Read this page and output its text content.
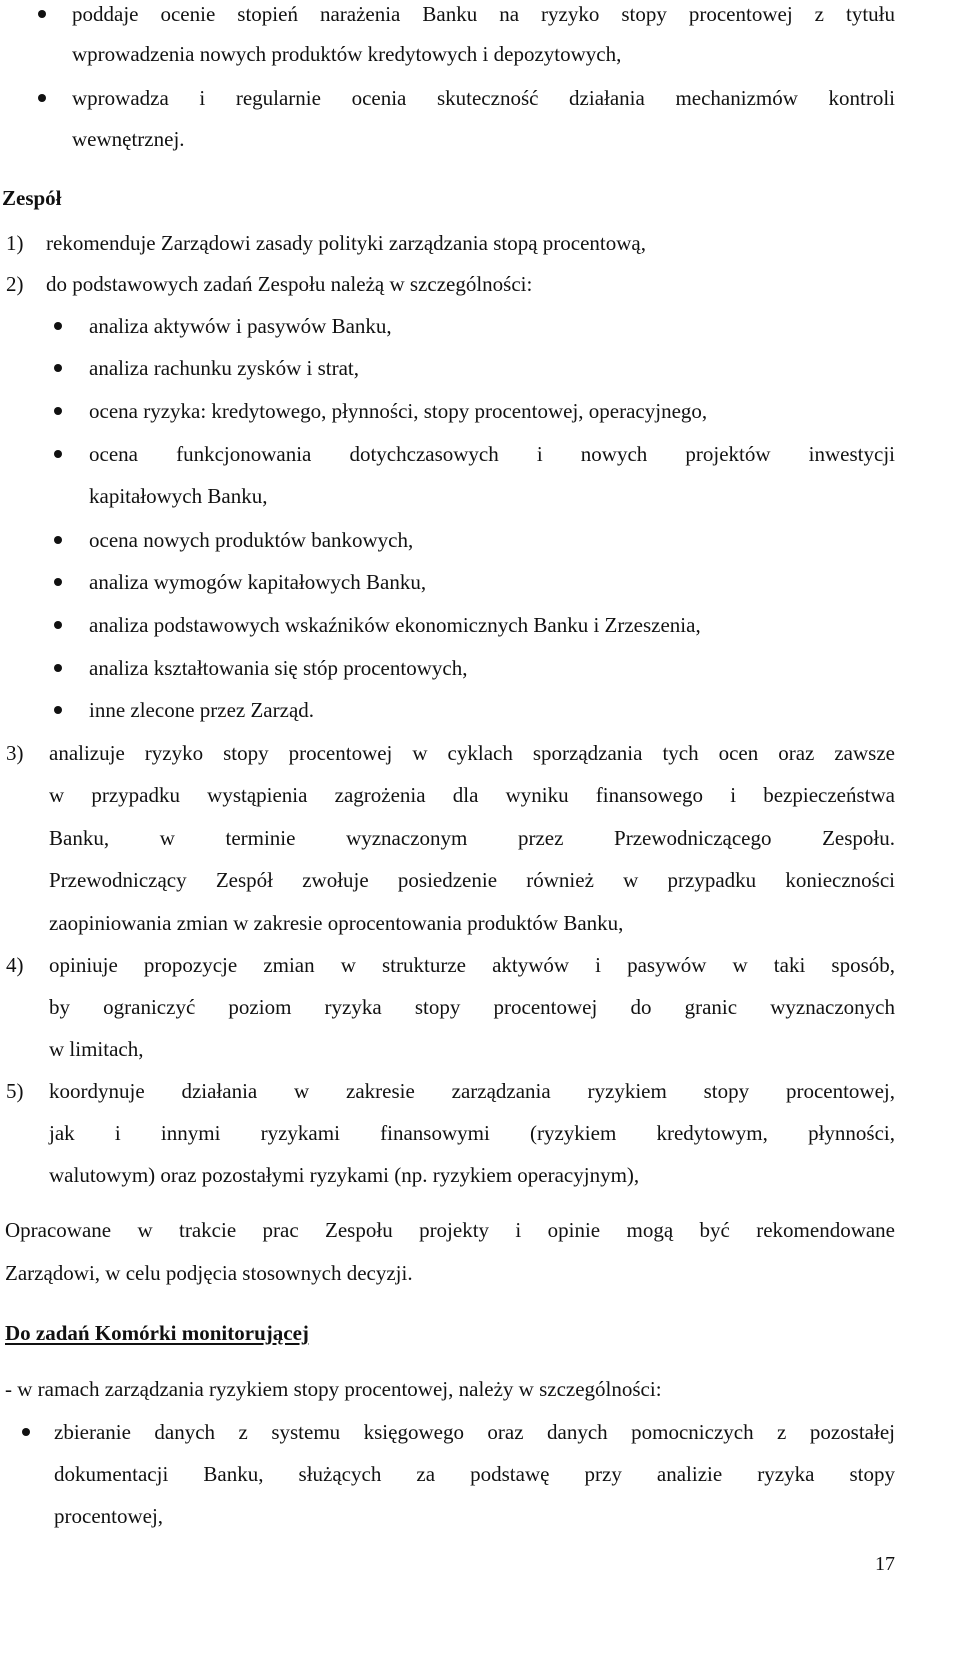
poddaje ocenie stopień narażenia Banku na ryzyko stopy procentowej z tytułu
wprowadzenia nowych produktów kredytowych i depozytowych,
wprowadza i regularnie ocenia skuteczność działania mechanizmów kontroli
wewnętrznej.
Zespół
1) rekomenduje Zarządowi zasady polityki zarządzania stopą procentową,
2) do podstawowych zadań Zespołu należą w szczególności:
analiza aktywów i pasywów Banku,
analiza rachunku zysków i strat,
ocena ryzyka: kredytowego, płynności, stopy procentowej, operacyjnego,
ocena funkcjonowania dotychczasowych i nowych projektów inwestycji
kapitałowych Banku,
ocena nowych produktów bankowych,
analiza wymogów kapitałowych Banku,
analiza podstawowych wskaźników ekonomicznych Banku i Zrzeszenia,
analiza kształtowania się stóp procentowych,
inne zlecone przez Zarząd.
3) analizuje ryzyko stopy procentowej w cyklach sporządzania tych ocen oraz zawsze
w przypadku wystąpienia zagrożenia dla wyniku finansowego i bezpieczeństwa
Banku, w terminie wyznaczonym przez Przewodniczącego Zespołu.
Przewodniczący Zespół zwołuje posiedzenie również w przypadku konieczności
zaopiniowania zmian w zakresie oprocentowania produktów Banku,
4) opiniuje propozycje zmian w strukturze aktywów i pasywów w taki sposób,
by ograniczyć poziom ryzyka stopy procentowej do granic wyznaczonych
w limitach,
5) koordynuje działania w zakresie zarządzania ryzykiem stopy procentowej,
jak i innymi ryzykami finansowymi (ryzykiem kredytowym, płynności,
walutowym) oraz pozostałymi ryzykami (np. ryzykiem operacyjnym),
Opracowane w trakcie prac Zespołu projekty i opinie mogą być rekomendowane
Zarządowi, w celu podjęcia stosownych decyzji.
Do zadań Komórki monitorującej
- w ramach zarządzania ryzykiem stopy procentowej, należy w szczególności:
zbieranie danych z systemu księgowego oraz danych pomocniczych z pozostałej
dokumentacji Banku, służących za podstawę przy analizie ryzyka stopy
procentowej,
17
